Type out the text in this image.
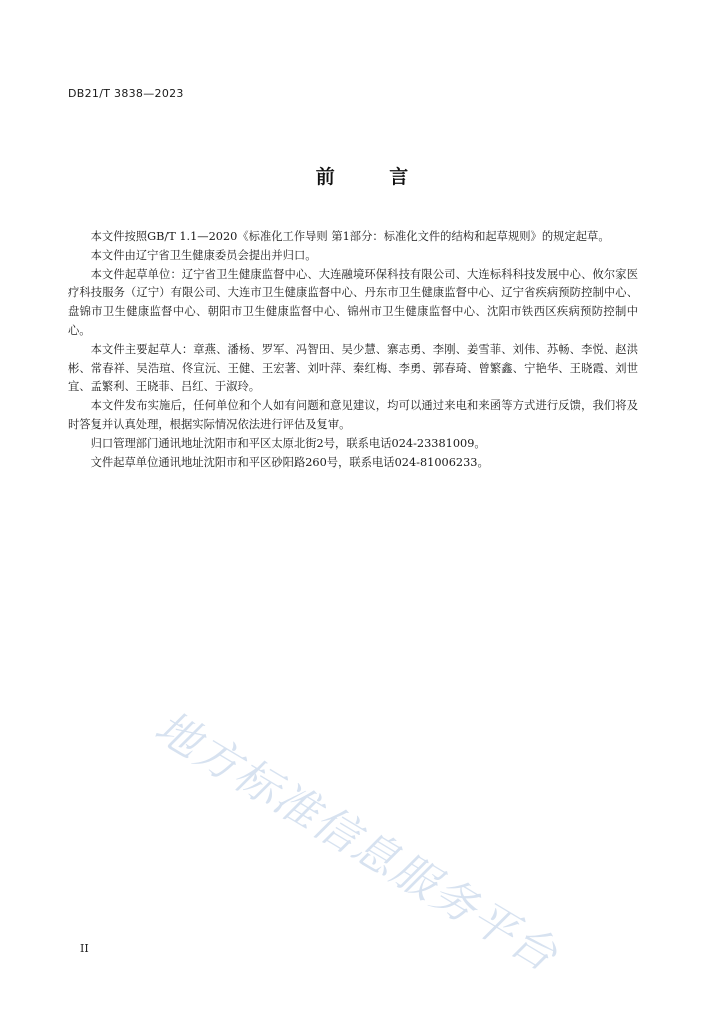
DB21/T 3838—2023
前 言

本文件按照GB/T 1.1—2020《标准化工作导则 第1部分：标准化文件的结构和起草规则》的规定起草。

本文件由辽宁省卫生健康委员会提出并归口。

本文件起草单位：辽宁省卫生健康监督中心、大连融境环保科技有限公司、大连标科科技发展中心、攸尔家医疗科技服务（辽宁）有限公司、大连市卫生健康监督中心、丹东市卫生健康监督中心、辽宁省疾病预防控制中心、盘锦市卫生健康监督中心、朝阳市卫生健康监督中心、锦州市卫生健康监督中心、沈阳市铁西区疾病预防控制中心。

本文件主要起草人：章燕、潘杨、罗军、冯智田、吴少慧、寨志勇、李刚、姜雪菲、刘伟、苏畅、李悦、赵洪彬、常春祥、吴浩瑄、佟宣沅、王健、王宏著、刘叶萍、秦红梅、李勇、郭春琦、曾繁鑫、宁艳华、王晓霞、刘世宜、孟繁利、王晓菲、吕红、于淑玲。

本文件发布实施后，任何单位和个人如有问题和意见建议，均可以通过来电和来函等方式进行反馈，我们将及时答复并认真处理，根据实际情况依法进行评估及复审。

归口管理部门通讯地址沈阳市和平区太原北街2号，联系电话024-23381009。

文件起草单位通讯地址沈阳市和平区砂阳路260号，联系电话024-81006233。

地方标准信息服务平台
II
